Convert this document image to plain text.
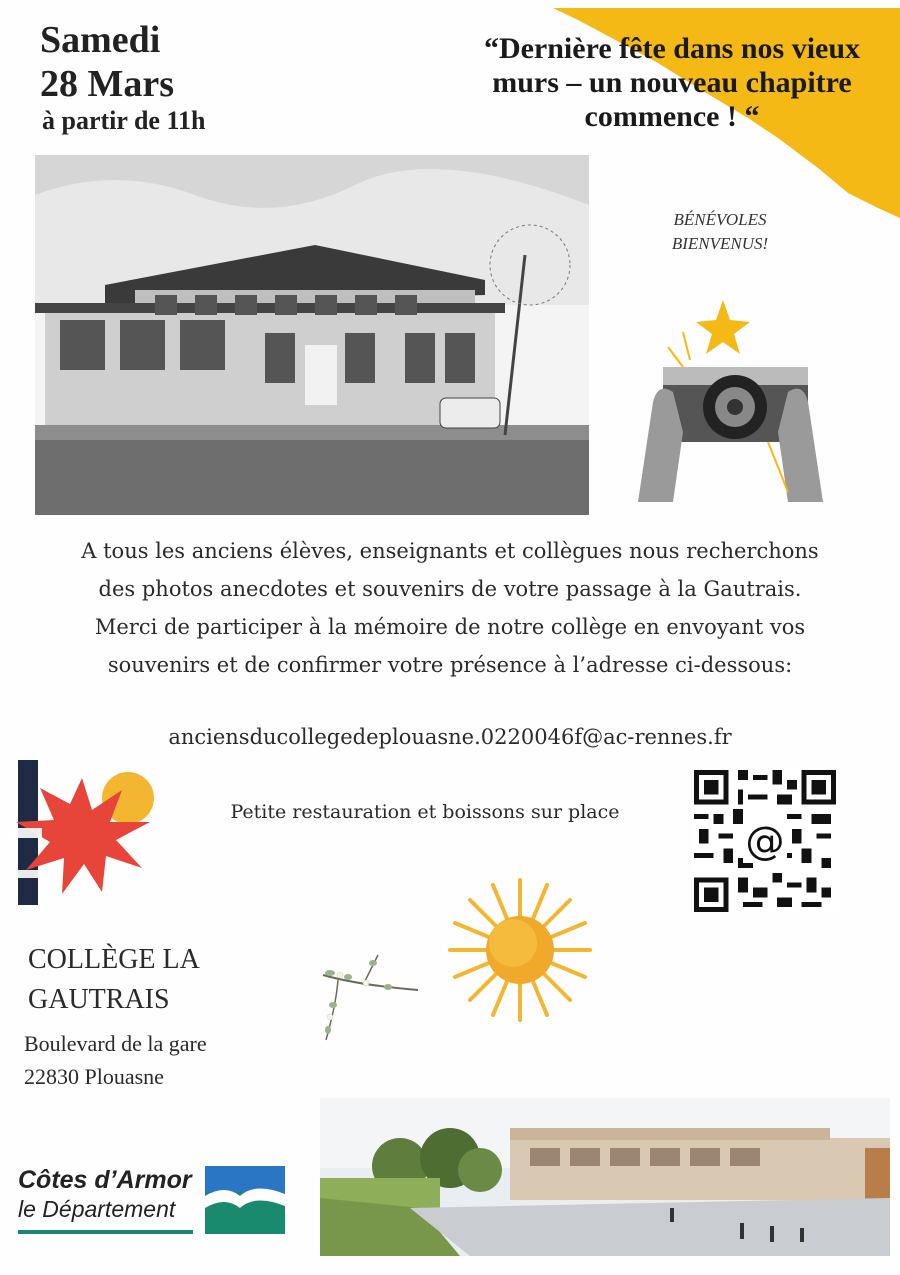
Samedi
28 Mars
à partir de 11h
“Dernière fête dans nos vieux murs – un nouveau chapitre commence ! “
BÉNÉVOLES
BIENVENUS!
A tous les anciens élèves, enseignants et collègues nous recherchons
des photos anecdotes et souvenirs de votre passage à la Gautrais.
Merci de participer à la mémoire de notre collège en envoyant vos
souvenirs et de confirmer votre présence à l’adresse ci-dessous:
anciensducollegedeplouasne.0220046f@ac-rennes.fr
Petite restauration et boissons sur place
@
COLLÈGE LA
GAUTRAIS
Boulevard de la gare
22830 Plouasne
Côtes d’Armor
le Département
